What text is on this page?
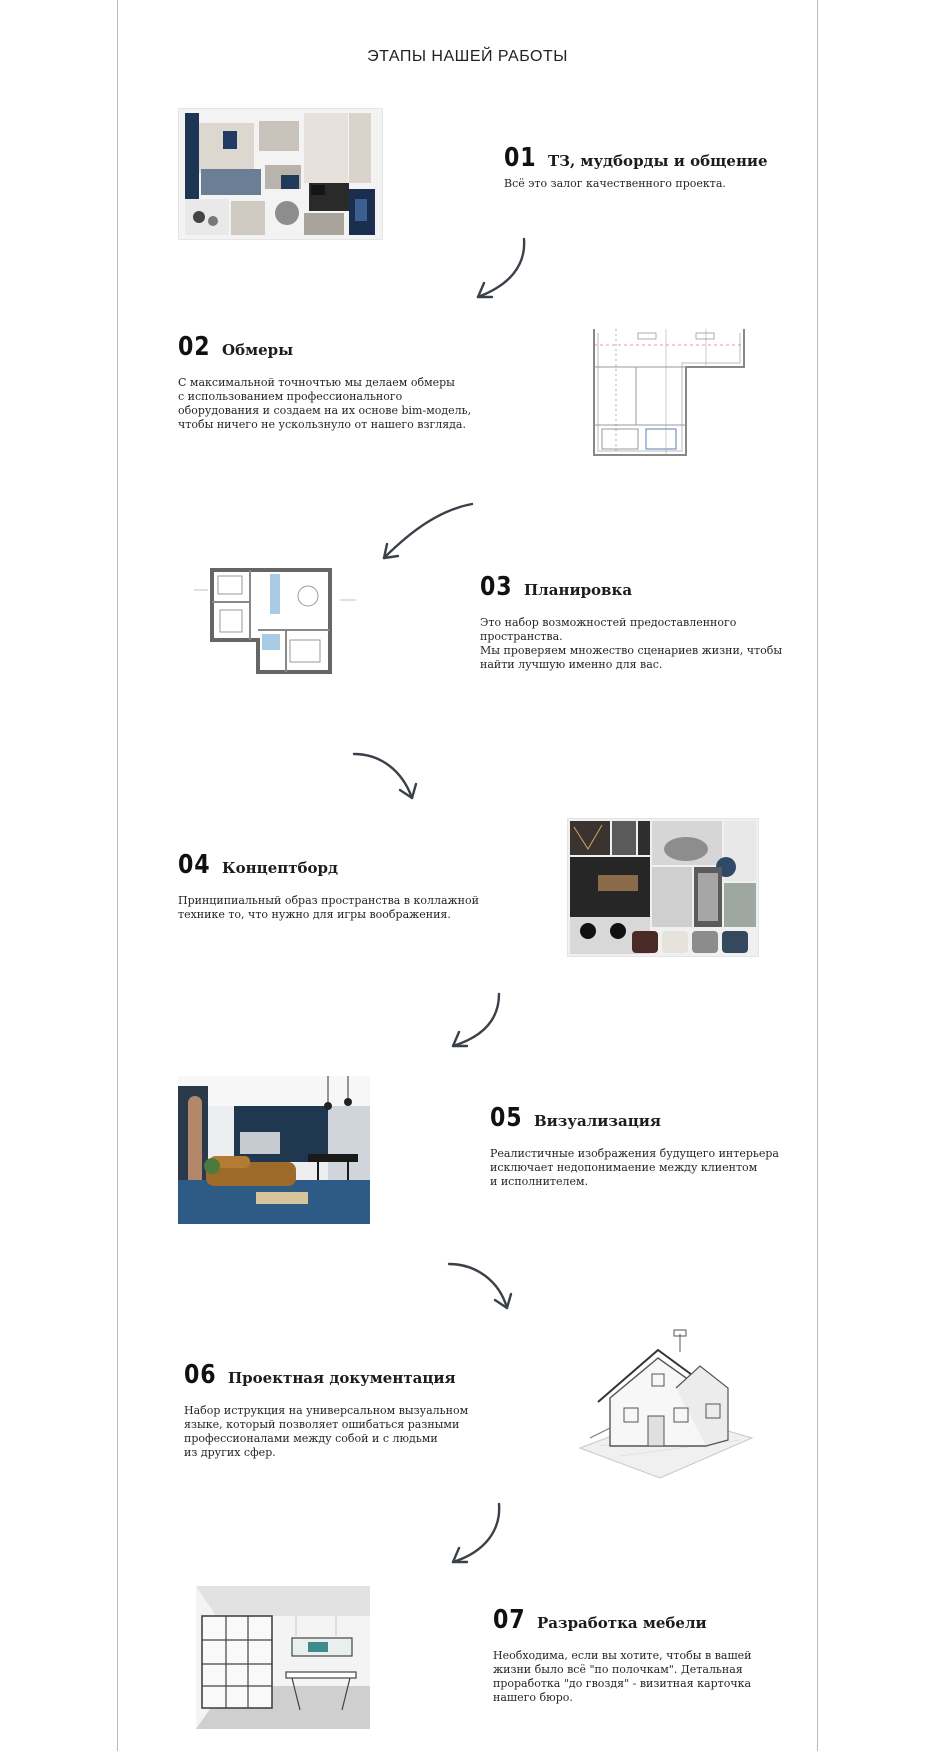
ЭТАПЫ НАШЕЙ РАБОТЫ
01 ТЗ, мудборды и общение
Всё это залог качественного проекта.
02 Обмеры
С максимальной точночтью мы делаем обмеры
с использованием профессионального
оборудования и создаем на их основе bim-модель,
чтобы ничего не ускользнуло от нашего взгляда.
03 Планировка
Это набор возможностей предоставленного
пространства.
Мы проверяем множество сценариев жизни, чтобы
найти лучшую именно для вас.
04 Концептборд
Принципиальный образ пространства в коллажной
технике то, что нужно для игры воображения.
05 Визуализация
Реалистичные изображения будущего интерьера
исключает недопонимаение между клиентом
и исполнителем.
06 Проектная документация
Набор иструкция на универсальном вызуальном
языке, который позволяет ошибаться разными
профессионалами между собой и с людьми
из других сфер.
07 Разработка мебели
Необходима, если вы хотите, чтобы в вашей
жизни было всё "по полочкам". Детальная
проработка "до гвоздя" - визитная карточка
нашего бюро.
